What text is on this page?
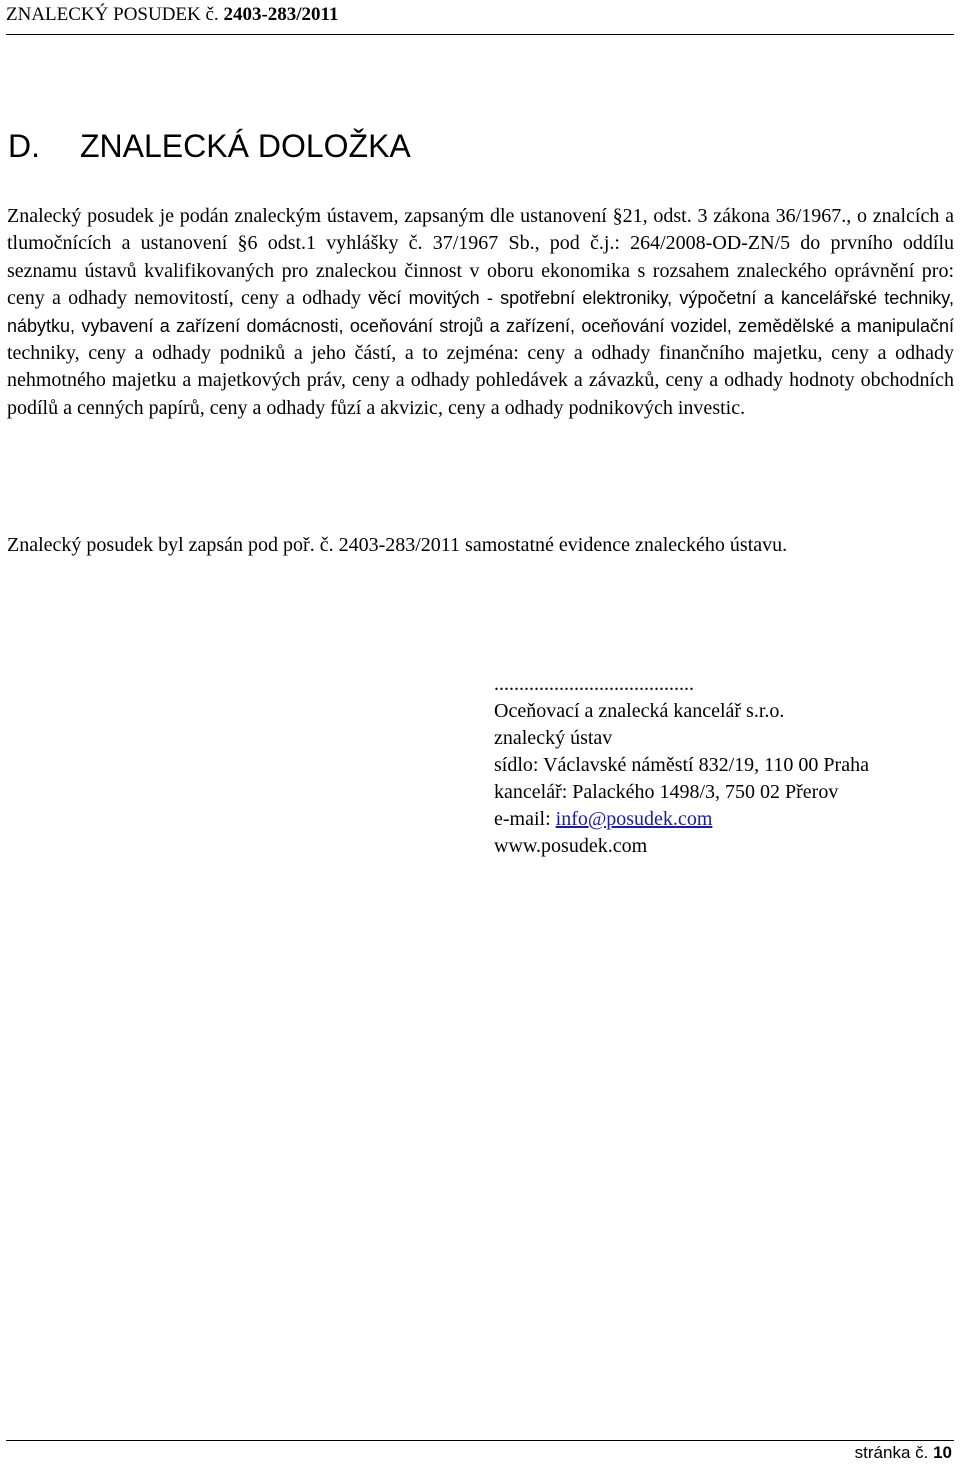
ZNALECKÝ POSUDEK č. 2403-283/2011
D. ZNALECKÁ DOLOŽKA
Znalecký posudek je podán znaleckým ústavem, zapsaným dle ustanovení §21, odst. 3 zákona 36/1967., o znalcích a tlumočnících a ustanovení §6 odst.1 vyhlášky č. 37/1967 Sb., pod č.j.: 264/2008-OD-ZN/5 do prvního oddílu seznamu ústavů kvalifikovaných pro znaleckou činnost v oboru ekonomika s rozsahem znaleckého oprávnění pro: ceny a odhady nemovitostí, ceny a odhady věcí movitých - spotřební elektroniky, výpočetní a kancelářské techniky, nábytku, vybavení a zařízení domácnosti, oceňování strojů a zařízení, oceňování vozidel, zemědělské a manipulační techniky, ceny a odhady podniků a jeho částí, a to zejména: ceny a odhady finančního majetku, ceny a odhady nehmotného majetku a majetkových práv, ceny a odhady pohledávek a závazků, ceny a odhady hodnoty obchodních podílů a cenných papírů, ceny a odhady fůzí a akvizic, ceny a odhady podnikových investic.
Znalecký posudek byl zapsán pod poř. č. 2403-283/2011 samostatné evidence znaleckého ústavu.
........................................
Oceňovací a znalecká kancelář s.r.o.
znalecký ústav
sídlo: Václavské náměstí 832/19, 110 00 Praha
kancelář: Palackého 1498/3, 750 02 Přerov
e-mail: info@posudek.com
www.posudek.com
stránka č. 10
